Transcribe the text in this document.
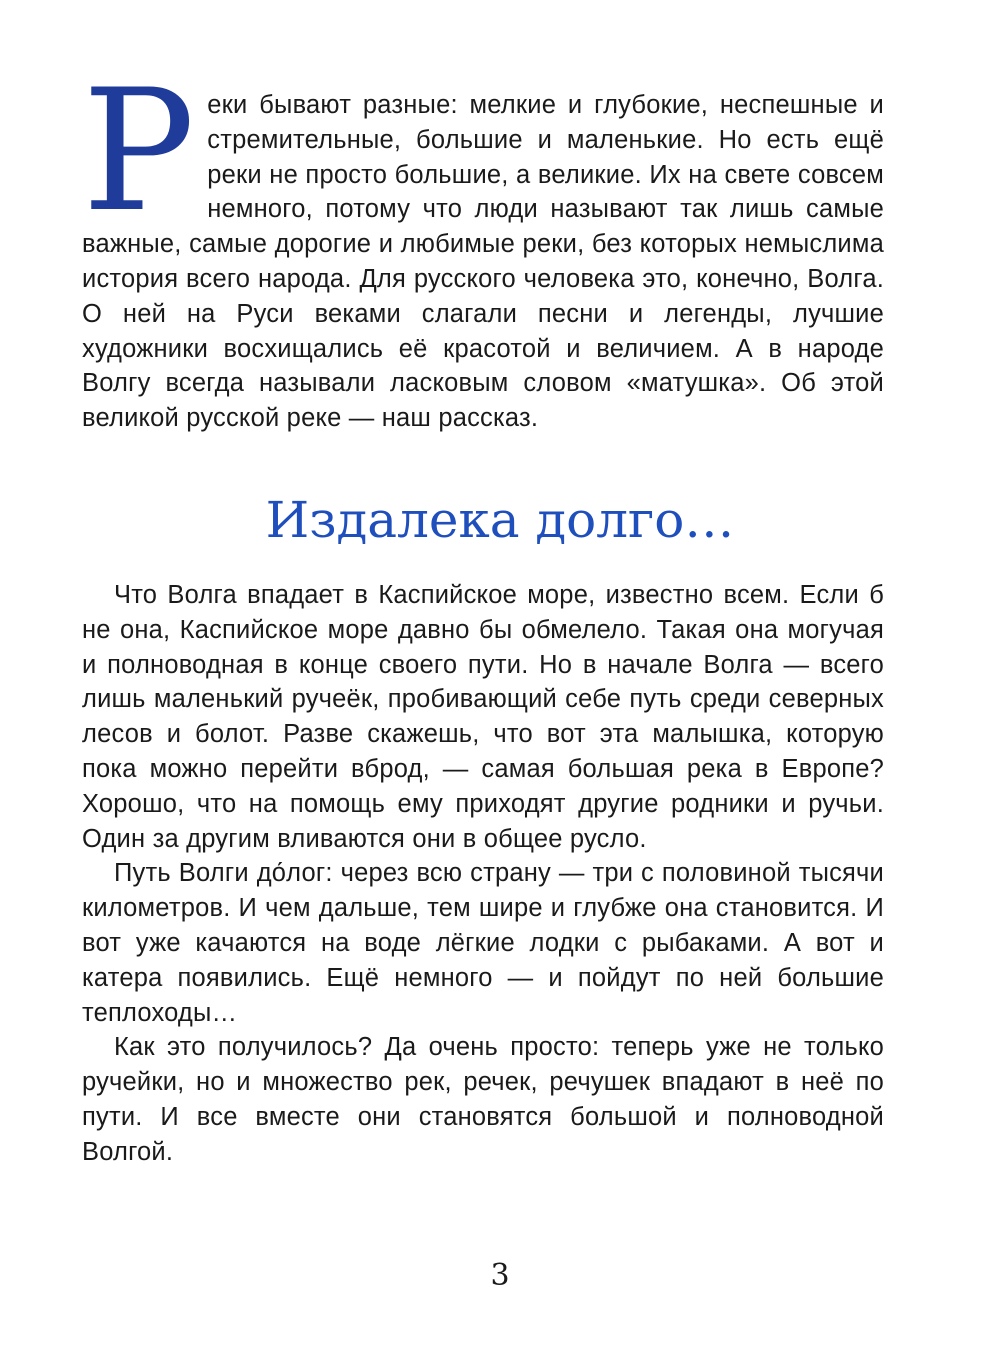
Р еки бывают разные: мелкие и глубокие, неспешные и стремительные, большие и маленькие. Но есть ещё реки не просто большие, а великие. Их на свете совсем немного, потому что люди называют так лишь самые важные, самые дорогие и любимые реки, без которых немыслима история всего народа. Для русского человека это, конечно, Волга. О ней на Руси веками слагали песни и легенды, лучшие художники восхищались её красотой и величием. А в народе Волгу всегда называли ласковым словом «матушка». Об этой великой русской реке — наш рассказ.
Издалека долго…

Что Волга впадает в Каспийское море, известно всем. Если б не она, Каспийское море давно бы обмелело. Такая она могучая и полноводная в конце своего пути. Но в начале Волга — всего лишь маленький ручеёк, пробивающий себе путь среди северных лесов и болот. Разве скажешь, что вот эта малышка, которую пока можно перейти вброд, — самая большая река в Европе? Хорошо, что на помощь ему приходят другие родники и ручьи. Один за другим вливаются они в общее русло.

Путь Волги до́лог: через всю страну — три с половиной тысячи километров. И чем дальше, тем шире и глубже она становится. И вот уже качаются на воде лёгкие лодки с рыбаками. А вот и катера появились. Ещё немного — и пойдут по ней большие теплоходы…

Как это получилось? Да очень просто: теперь уже не только ручейки, но и множество рек, речек, речушек впадают в неё по пути. И все вместе они становятся большой и полноводной Волгой.

3
